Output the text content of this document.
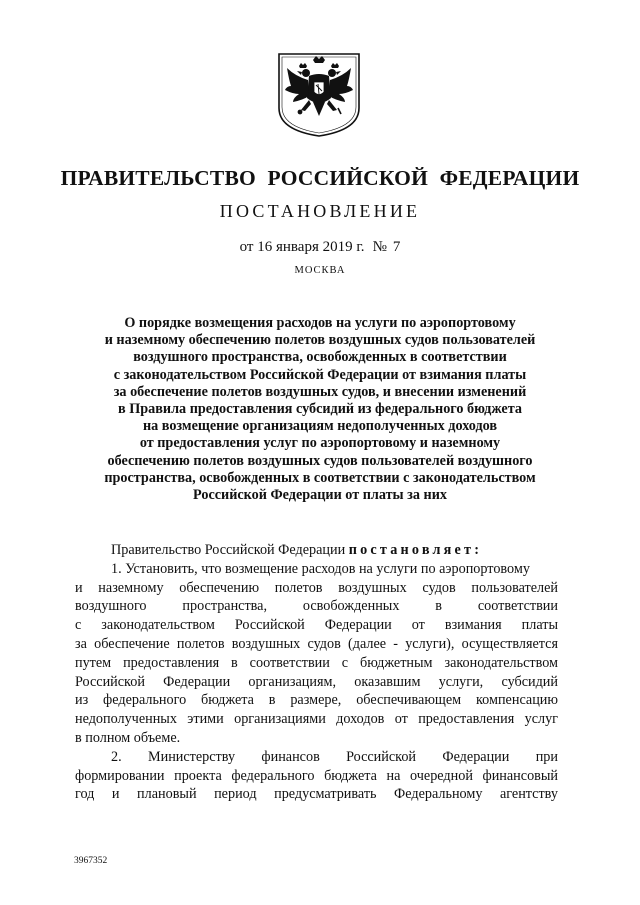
ПРАВИТЕЛЬСТВО РОССИЙСКОЙ ФЕДЕРАЦИИ
ПОСТАНОВЛЕНИЕ
от 16 января 2019 г. № 7
МОСКВА
О порядке возмещения расходов на услуги по аэропортовому
и наземному обеспечению полетов воздушных судов пользователей
воздушного пространства, освобожденных в соответствии
с законодательством Российской Федерации от взимания платы
за обеспечение полетов воздушных судов, и внесении изменений
в Правила предоставления субсидий из федерального бюджета
на возмещение организациям недополученных доходов
от предоставления услуг по аэропортовому и наземному
обеспечению полетов воздушных судов пользователей воздушного
пространства, освобожденных в соответствии с законодательством
Российской Федерации от платы за них
Правительство Российской Федерации постановляет:
1. Установить, что возмещение расходов на услуги по аэропортовому
и наземному обеспечению полетов воздушных судов пользователей
воздушного пространства, освобожденных в соответствии
с законодательством Российской Федерации от взимания платы
за обеспечение полетов воздушных судов (далее - услуги), осуществляется
путем предоставления в соответствии с бюджетным законодательством
Российской Федерации организациям, оказавшим услуги, субсидий
из федерального бюджета в размере, обеспечивающем компенсацию
недополученных этими организациями доходов от предоставления услуг
в полном объеме.
2. Министерству финансов Российской Федерации при
формировании проекта федерального бюджета на очередной финансовый
год и плановый период предусматривать Федеральному агентству
3967352
